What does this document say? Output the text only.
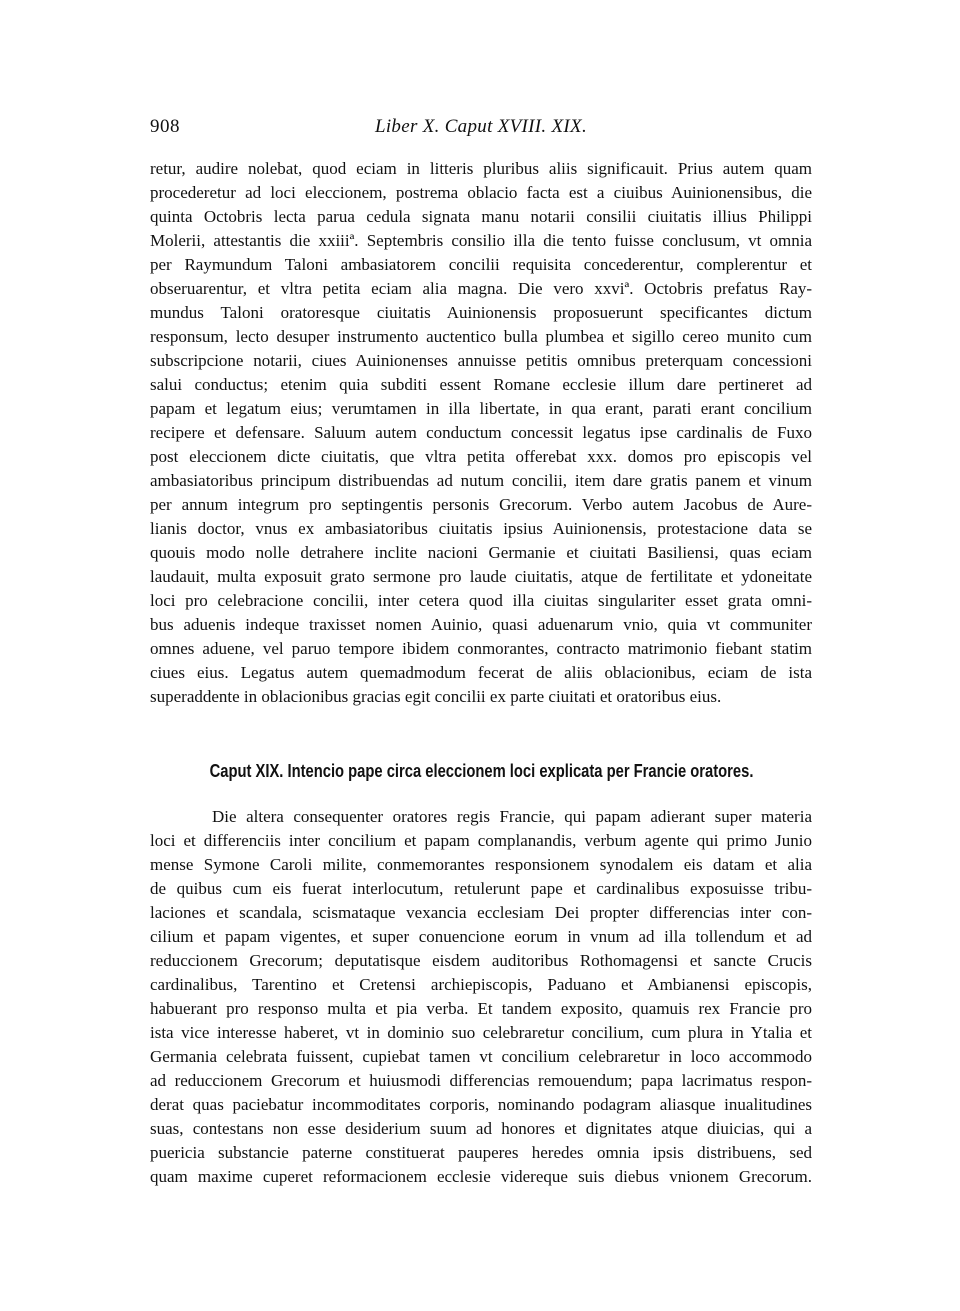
908	Liber X. Caput XVIII. XIX.
retur, audire nolebat, quod eciam in litteris pluribus aliis significauit. Prius autem quam
procederetur ad loci eleccionem, postrema oblacio facta est a ciuibus Auinionensibus, die
quinta Octobris lecta parua cedula signata manu notarii consilii ciuitatis illius Philippi
Molerii, attestantis die xxiiiª. Septembris consilio illa die tento fuisse conclusum, vt omnia
per Raymundum Taloni ambasiatorem concilii requisita concederentur, complerentur et
obseruarentur, et vltra petita eciam alia magna. Die vero xxviª. Octobris prefatus Ray-
mundus Taloni oratoresque ciuitatis Auinionensis proposuerunt specificantes dictum
responsum, lecto desuper instrumento auctentico bulla plumbea et sigillo cereo munito cum
subscripcione notarii, ciues Auinionenses annuisse petitis omnibus preterquam concessioni
salui conductus; etenim quia subditi essent Romane ecclesie illum dare pertineret ad
papam et legatum eius; verumtamen in illa libertate, in qua erant, parati erant concilium
recipere et defensare. Saluum autem conductum concessit legatus ipse cardinalis de Fuxo
post eleccionem dicte ciuitatis, que vltra petita offerebat xxx. domos pro episcopis vel
ambasiatoribus principum distribuendas ad nutum concilii, item dare gratis panem et vinum
per annum integrum pro septingentis personis Grecorum. Verbo autem Jacobus de Aure-
lianis doctor, vnus ex ambasiatoribus ciuitatis ipsius Auinionensis, protestacione data se
quouis modo nolle detrahere inclite nacioni Germanie et ciuitati Basiliensi, quas eciam
laudauit, multa exposuit grato sermone pro laude ciuitatis, atque de fertilitate et ydoneitate
loci pro celebracione concilii, inter cetera quod illa ciuitas singulariter esset grata omni-
bus aduenis indeque traxisset nomen Auinio, quasi aduenarum vnio, quia vt communiter
omnes aduene, vel paruo tempore ibidem conmorantes, contracto matrimonio fiebant statim
ciues eius. Legatus autem quemadmodum fecerat de aliis oblacionibus, eciam de ista
superaddente in oblacionibus gracias egit concilii ex parte ciuitati et oratoribus eius.
Caput XIX. Intencio pape circa eleccionem loci explicata per Francie oratores.
Die altera consequenter oratores regis Francie, qui papam adierant super materia
loci et differenciis inter concilium et papam complanandis, verbum agente qui primo Junio
mense Symone Caroli milite, conmemorantes responsionem synodalem eis datam et alia
de quibus cum eis fuerat interlocutum, retulerunt pape et cardinalibus exposuisse tribu-
laciones et scandala, scismataque vexancia ecclesiam Dei propter differencias inter con-
cilium et papam vigentes, et super conuencione eorum in vnum ad illa tollendum et ad
reduccionem Grecorum; deputatisque eisdem auditoribus Rothomagensi et sancte Crucis
cardinalibus, Tarentino et Cretensi archiepiscopis, Paduano et Ambianensi episcopis,
habuerant pro responso multa et pia verba. Et tandem exposito, quamuis rex Francie pro
ista vice interesse haberet, vt in dominio suo celebraretur concilium, cum plura in Ytalia et
Germania celebrata fuissent, cupiebat tamen vt concilium celebraretur in loco accommodo
ad reduccionem Grecorum et huiusmodi differencias remouendum; papa lacrimatus respon-
derat quas paciebatur incommoditates corporis, nominando podagram aliasque inualitudines
suas, contestans non esse desiderium suum ad honores et dignitates atque diuicias, qui a
puericia substancie paterne constituerat pauperes heredes omnia ipsis distribuens, sed
quam maxime cuperet reformacionem ecclesie videreque suis diebus vnionem Grecorum.
